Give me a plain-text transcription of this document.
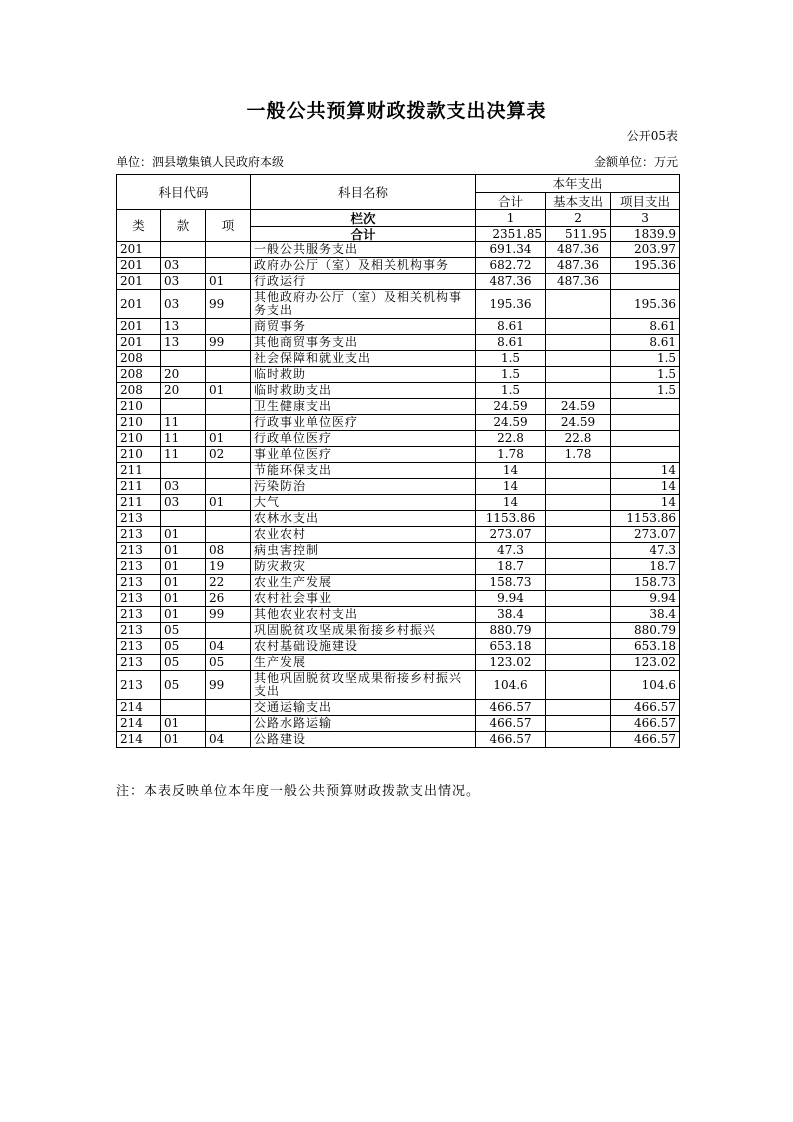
一般公共预算财政拨款支出决算表
公开05表
单位：泗县墩集镇人民政府本级	金额单位：万元
科目代码			科目名称	本年支出		
				合计	基本支出	项目支出
类	款	项	栏次	1	2	3
			合计	2351.85	511.95	1839.9
201			一般公共服务支出	691.34	487.36	203.97
201	03		政府办公厅（室）及相关机构事务	682.72	487.36	195.36
201	03	01	行政运行	487.36	487.36	
201	03	99	其他政府办公厅（室）及相关机构事务支出	195.36		195.36
201	13		商贸事务	8.61		8.61
201	13	99	其他商贸事务支出	8.61		8.61
208			社会保障和就业支出	1.5		1.5
208	20		临时救助	1.5		1.5
208	20	01	临时救助支出	1.5		1.5
210			卫生健康支出	24.59	24.59	
210	11		行政事业单位医疗	24.59	24.59	
210	11	01	行政单位医疗	22.8	22.8	
210	11	02	事业单位医疗	1.78	1.78	
211			节能环保支出	14		14
211	03		污染防治	14		14
211	03	01	大气	14		14
213			农林水支出	1153.86		1153.86
213	01		农业农村	273.07		273.07
213	01	08	病虫害控制	47.3		47.3
213	01	19	防灾救灾	18.7		18.7
213	01	22	农业生产发展	158.73		158.73
213	01	26	农村社会事业	9.94		9.94
213	01	99	其他农业农村支出	38.4		38.4
213	05		巩固脱贫攻坚成果衔接乡村振兴	880.79		880.79
213	05	04	农村基础设施建设	653.18		653.18
213	05	05	生产发展	123.02		123.02
213	05	99	其他巩固脱贫攻坚成果衔接乡村振兴支出	104.6		104.6
214			交通运输支出	466.57		466.57
214	01		公路水路运输	466.57		466.57
214	01	04	公路建设	466.57		466.57
注：本表反映单位本年度一般公共预算财政拨款支出情况。
